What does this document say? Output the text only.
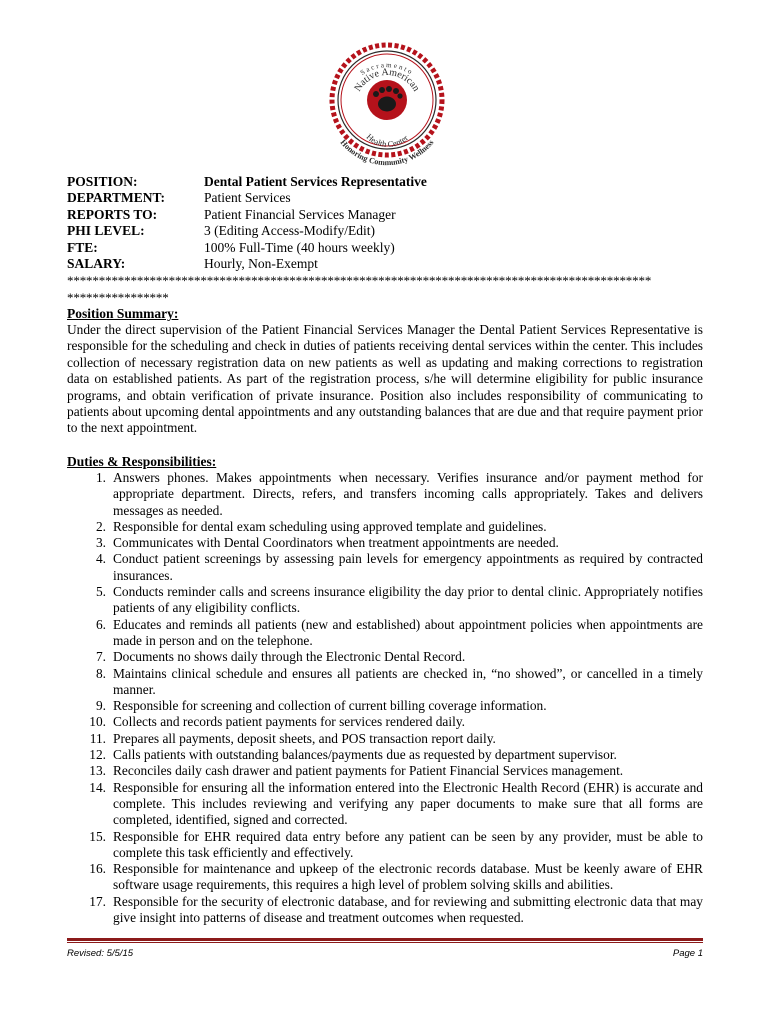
Sacramento
Native American
Health Center
Honoring Community Wellness
POSITION:	Dental Patient Services Representative
DEPARTMENT:	Patient Services
REPORTS TO:	Patient Financial Services Manager
PHI LEVEL:	3 (Editing Access-Modify/Edit)
FTE:	100% Full-Time (40 hours weekly)
SALARY:	Hourly, Non-Exempt
********************************************************************************************
****************
Position Summary:
Under the direct supervision of the Patient Financial Services Manager the Dental Patient Services Representative is responsible for the scheduling and check in duties of patients receiving dental services within the center. This includes collection of necessary registration data on new patients as well as updating and making corrections to registration data on established patients. As part of the registration process, s/he will determine eligibility for public insurance programs, and obtain verification of private insurance. Position also includes responsibility of communicating to patients about upcoming dental appointments and any outstanding balances that are due and that require payment prior to the next appointment.
Duties & Responsibilities:
1. Answers phones. Makes appointments when necessary. Verifies insurance and/or payment method for appropriate department. Directs, refers, and transfers incoming calls appropriately. Takes and delivers messages as needed.
2. Responsible for dental exam scheduling using approved template and guidelines.
3. Communicates with Dental Coordinators when treatment appointments are needed.
4. Conduct patient screenings by assessing pain levels for emergency appointments as required by contracted insurances.
5. Conducts reminder calls and screens insurance eligibility the day prior to dental clinic. Appropriately notifies patients of any eligibility conflicts.
6. Educates and reminds all patients (new and established) about appointment policies when appointments are made in person and on the telephone.
7. Documents no shows daily through the Electronic Dental Record.
8. Maintains clinical schedule and ensures all patients are checked in, “no showed”, or cancelled in a timely manner.
9. Responsible for screening and collection of current billing coverage information.
10. Collects and records patient payments for services rendered daily.
11. Prepares all payments, deposit sheets, and POS transaction report daily.
12. Calls patients with outstanding balances/payments due as requested by department supervisor.
13. Reconciles daily cash drawer and patient payments for Patient Financial Services management.
14. Responsible for ensuring all the information entered into the Electronic Health Record (EHR) is accurate and complete. This includes reviewing and verifying any paper documents to make sure that all forms are completed, identified, signed and corrected.
15. Responsible for EHR required data entry before any patient can be seen by any provider, must be able to complete this task efficiently and effectively.
16. Responsible for maintenance and upkeep of the electronic records database. Must be keenly aware of EHR software usage requirements, this requires a high level of problem solving skills and abilities.
17. Responsible for the security of electronic database, and for reviewing and submitting electronic data that may give insight into patterns of disease and treatment outcomes when requested.
Revised: 5/5/15	Page 1
